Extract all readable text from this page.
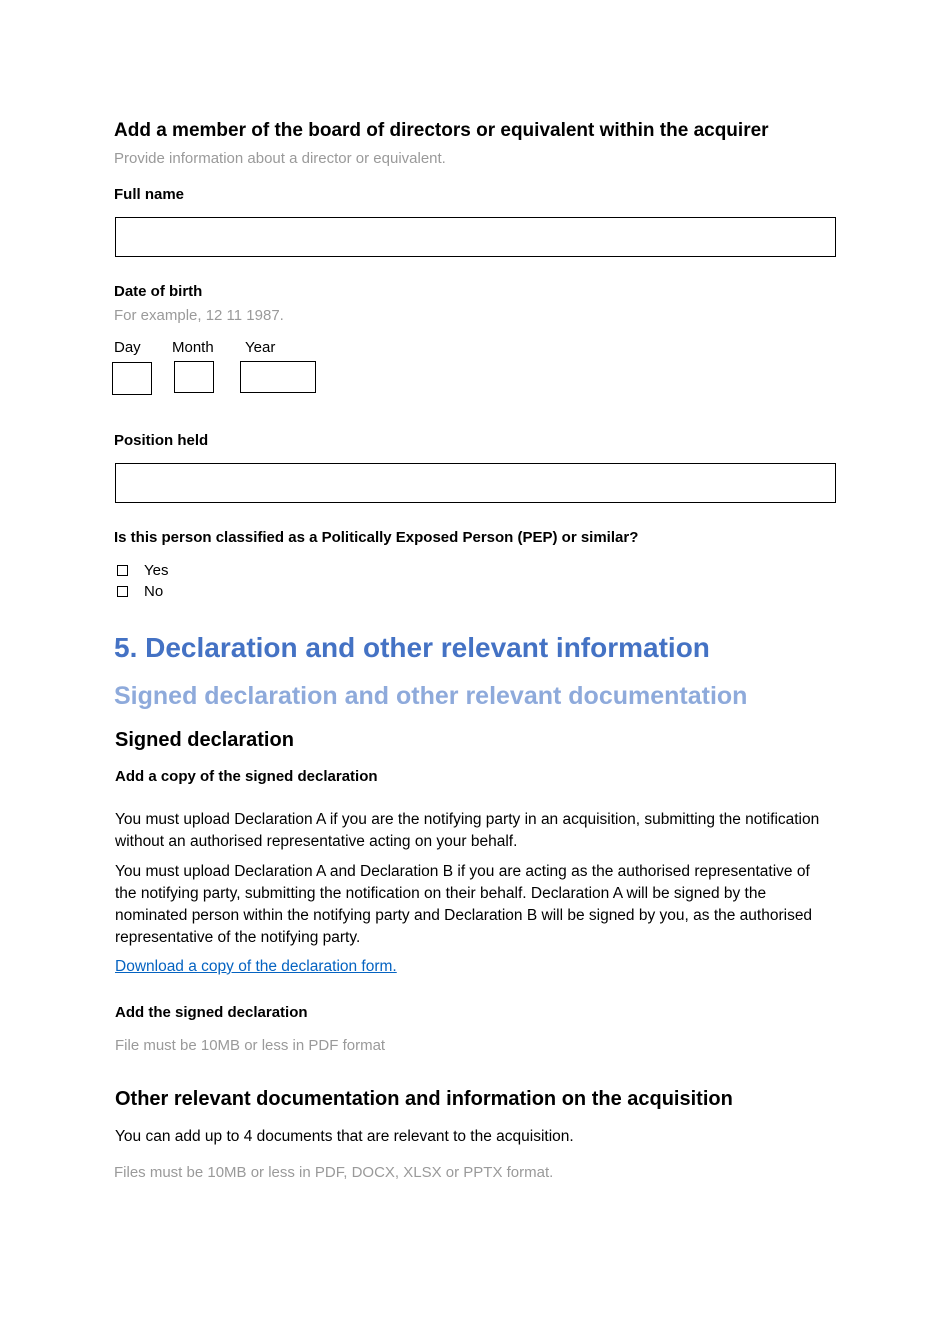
Add a member of the board of directors or equivalent within the acquirer
Provide information about a director or equivalent.
Full name
Date of birth
For example, 12 11 1987.
Day Month Year
Position held
Is this person classified as a Politically Exposed Person (PEP) or similar?
Yes
No
5. Declaration and other relevant information
Signed declaration and other relevant documentation
Signed declaration
Add a copy of the signed declaration
You must upload Declaration A if you are the notifying party in an acquisition, submitting the notification without an authorised representative acting on your behalf.
You must upload Declaration A and Declaration B if you are acting as the authorised representative of the notifying party, submitting the notification on their behalf. Declaration A will be signed by the nominated person within the notifying party and Declaration B will be signed by you, as the authorised representative of the notifying party.
Download a copy of the declaration form.
Add the signed declaration
File must be 10MB or less in PDF format
Other relevant documentation and information on the acquisition
You can add up to 4 documents that are relevant to the acquisition.
Files must be 10MB or less in PDF, DOCX, XLSX or PPTX format.
